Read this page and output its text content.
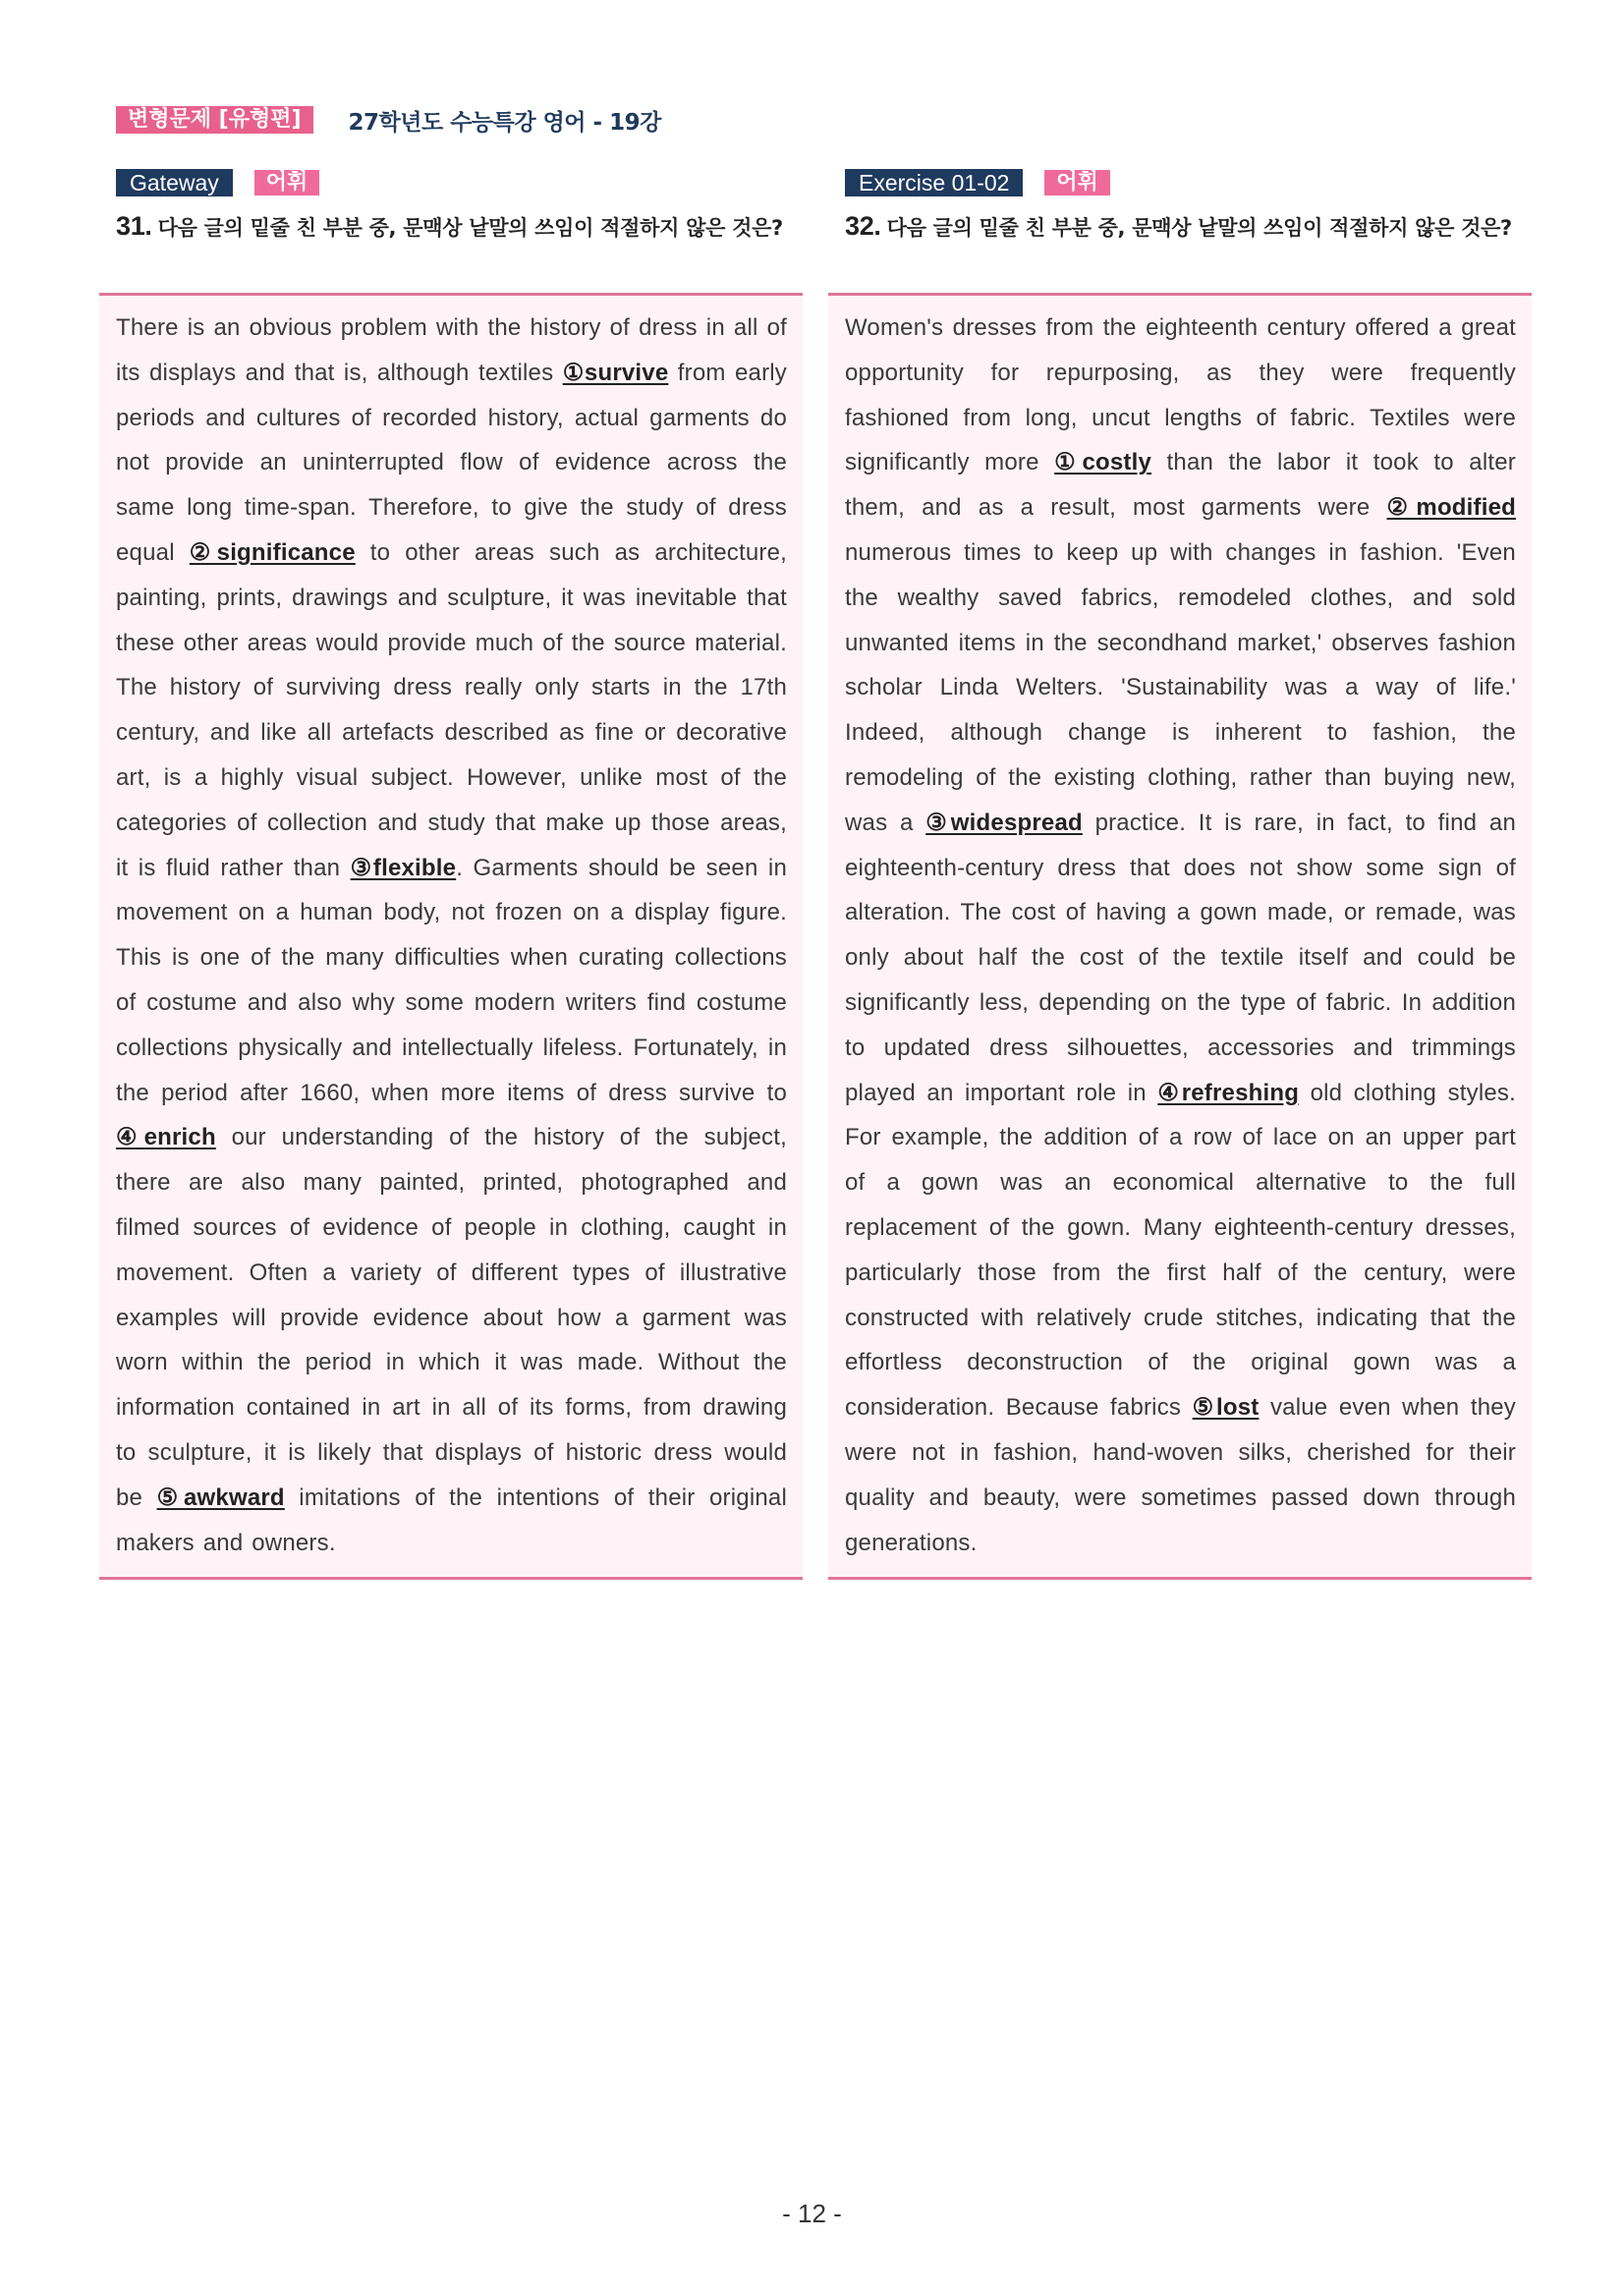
변형문제 [유형편]	27학년도 수능특강 영어 - 19강
Gateway	어휘
31. 다음 글의 밑줄 친 부분 중, 문맥상 낱말의 쓰임이 적절하지 않은 것은?
There is an obvious problem with the history of dress in all of its displays and that is, although textiles ①survive from early periods and cultures of recorded history, actual garments do not provide an uninterrupted flow of evidence across the same long time-span. Therefore, to give the study of dress equal ②significance to other areas such as architecture, painting, prints, drawings and sculpture, it was inevitable that these other areas would provide much of the source material. The history of surviving dress really only starts in the 17th century, and like all artefacts described as fine or decorative art, is a highly visual subject. However, unlike most of the categories of collection and study that make up those areas, it is fluid rather than ③flexible. Garments should be seen in movement on a human body, not frozen on a display figure. This is one of the many difficulties when curating collections of costume and also why some modern writers find costume collections physically and intellectually lifeless. Fortunately, in the period after 1660, when more items of dress survive to ④enrich our understanding of the history of the subject, there are also many painted, printed, photographed and filmed sources of evidence of people in clothing, caught in movement. Often a variety of different types of illustrative examples will provide evidence about how a garment was worn within the period in which it was made. Without the information contained in art in all of its forms, from drawing to sculpture, it is likely that displays of historic dress would be ⑤awkward imitations of the intentions of their original makers and owners.
Exercise 01-02	어휘
32. 다음 글의 밑줄 친 부분 중, 문맥상 낱말의 쓰임이 적절하지 않은 것은?
Women's dresses from the eighteenth century offered a great opportunity for repurposing, as they were frequently fashioned from long, uncut lengths of fabric. Textiles were significantly more ①costly than the labor it took to alter them, and as a result, most garments were ②modified numerous times to keep up with changes in fashion. 'Even the wealthy saved fabrics, remodeled clothes, and sold unwanted items in the secondhand market,' observes fashion scholar Linda Welters. 'Sustainability was a way of life.' Indeed, although change is inherent to fashion, the remodeling of the existing clothing, rather than buying new, was a ③widespread practice. It is rare, in fact, to find an eighteenth-century dress that does not show some sign of alteration. The cost of having a gown made, or remade, was only about half the cost of the textile itself and could be significantly less, depending on the type of fabric. In addition to updated dress silhouettes, accessories and trimmings played an important role in ④refreshing old clothing styles. For example, the addition of a row of lace on an upper part of a gown was an economical alternative to the full replacement of the gown. Many eighteenth-century dresses, particularly those from the first half of the century, were constructed with relatively crude stitches, indicating that the effortless deconstruction of the original gown was a consideration. Because fabrics ⑤lost value even when they were not in fashion, hand-woven silks, cherished for their quality and beauty, were sometimes passed down through generations.
- 12 -
